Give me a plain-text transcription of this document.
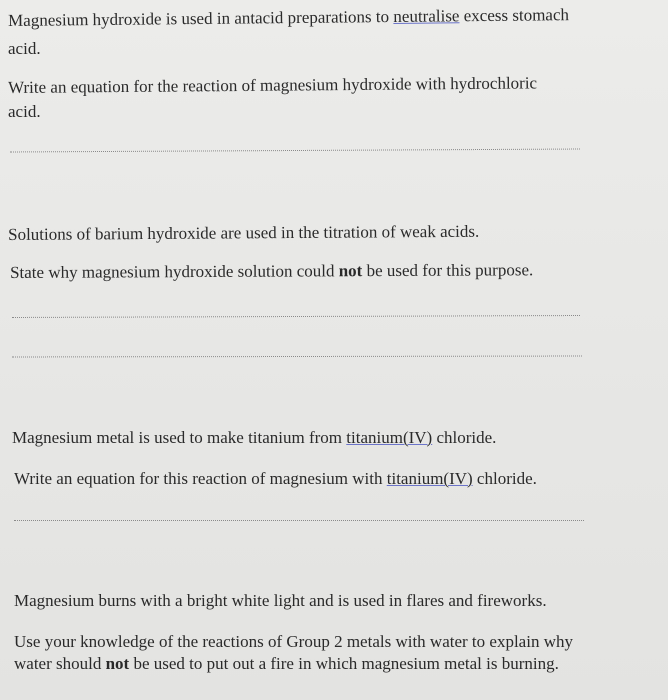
Magnesium hydroxide is used in antacid preparations to neutralise excess stomach
acid.
Write an equation for the reaction of magnesium hydroxide with hydrochloric
acid.
Solutions of barium hydroxide are used in the titration of weak acids.
State why magnesium hydroxide solution could not be used for this purpose.
Magnesium metal is used to make titanium from titanium(IV) chloride.
Write an equation for this reaction of magnesium with titanium(IV) chloride.
Magnesium burns with a bright white light and is used in flares and fireworks.
Use your knowledge of the reactions of Group 2 metals with water to explain why
water should not be used to put out a fire in which magnesium metal is burning.
